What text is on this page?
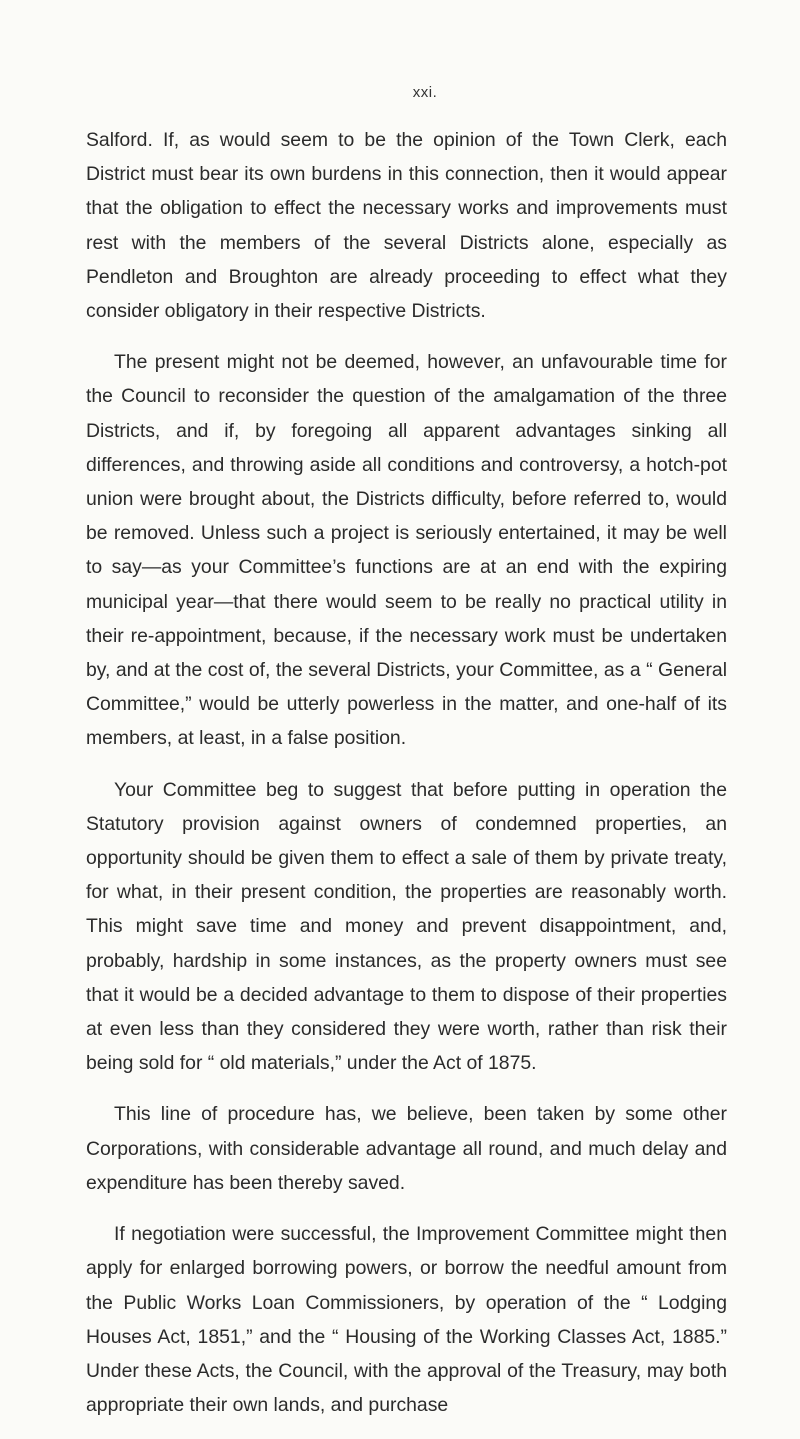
xxi.

Salford. If, as would seem to be the opinion of the Town Clerk, each District must bear its own burdens in this connection, then it would appear that the obligation to effect the necessary works and improvements must rest with the members of the several Districts alone, especially as Pendleton and Broughton are already proceeding to effect what they consider obligatory in their respective Districts.

The present might not be deemed, however, an unfavourable time for the Council to reconsider the question of the amalgamation of the three Districts, and if, by foregoing all apparent advantages sinking all differences, and throwing aside all conditions and controversy, a hotch-pot union were brought about, the Districts difficulty, before referred to, would be removed. Unless such a project is seriously entertained, it may be well to say—as your Committee’s functions are at an end with the expiring municipal year—that there would seem to be really no practical utility in their re-appointment, because, if the necessary work must be undertaken by, and at the cost of, the several Districts, your Committee, as a “ General Committee,” would be utterly powerless in the matter, and one-half of its members, at least, in a false position.

Your Committee beg to suggest that before putting in operation the Statutory provision against owners of condemned properties, an opportunity should be given them to effect a sale of them by private treaty, for what, in their present condition, the properties are reasonably worth. This might save time and money and prevent disappointment, and, probably, hardship in some instances, as the property owners must see that it would be a decided advantage to them to dispose of their properties at even less than they considered they were worth, rather than risk their being sold for “ old materials,” under the Act of 1875.

This line of procedure has, we believe, been taken by some other Corporations, with considerable advantage all round, and much delay and expenditure has been thereby saved.

If negotiation were successful, the Improvement Committee might then apply for enlarged borrowing powers, or borrow the needful amount from the Public Works Loan Commissioners, by operation of the “ Lodging Houses Act, 1851,” and the “ Housing of the Working Classes Act, 1885.” Under these Acts, the Council, with the approval of the Treasury, may both appropriate their own lands, and purchase
